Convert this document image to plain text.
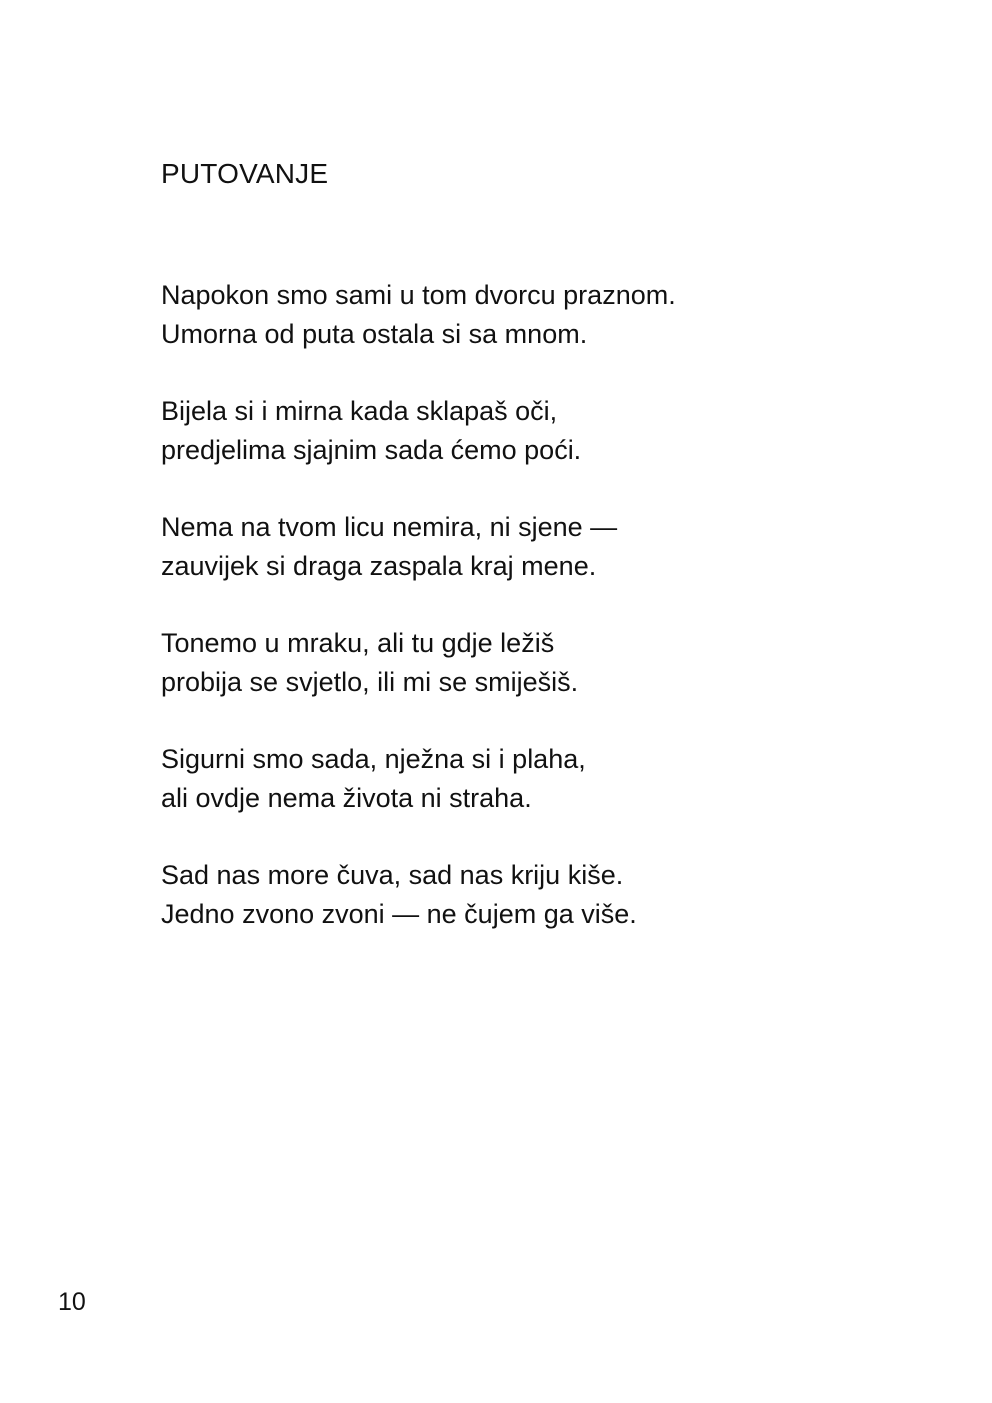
PUTOVANJE
Napokon smo sami u tom dvorcu praznom.
Umorna od puta ostala si sa mnom.
Bijela si i mirna kada sklapaš oči,
predjelima sjajnim sada ćemo poći.
Nema na tvom licu nemira, ni sjene —
zauvijek si draga zaspala kraj mene.
Tonemo u mraku, ali tu gdje ležiš
probija se svjetlo, ili mi se smiješiš.
Sigurni smo sada, nježna si i plaha,
ali ovdje nema života ni straha.
Sad nas more čuva, sad nas kriju kiše.
Jedno zvono zvoni — ne čujem ga više.
10
